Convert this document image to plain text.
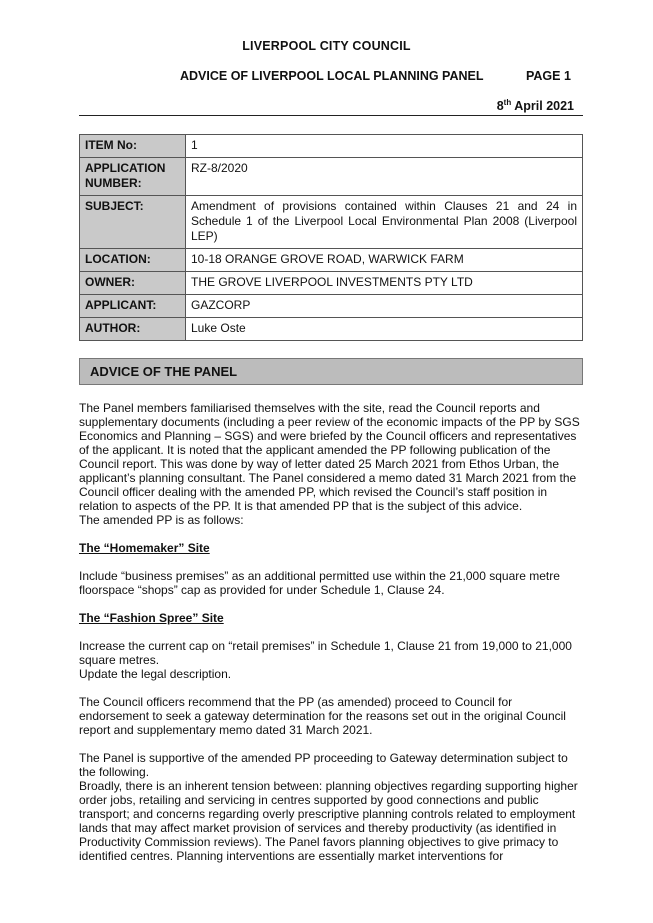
LIVERPOOL CITY COUNCIL
ADVICE OF LIVERPOOL LOCAL PLANNING PANEL	PAGE 1
8th April 2021
ITEM No:	1
APPLICATION NUMBER:	RZ-8/2020
SUBJECT:	Amendment of provisions contained within Clauses 21 and 24 in Schedule 1 of the Liverpool Local Environmental Plan 2008 (Liverpool LEP)
LOCATION:	10-18 ORANGE GROVE ROAD, WARWICK FARM
OWNER:	THE GROVE LIVERPOOL INVESTMENTS PTY LTD
APPLICANT:	GAZCORP
AUTHOR:	Luke Oste
ADVICE OF THE PANEL

The Panel members familiarised themselves with the site, read the Council reports and supplementary documents (including a peer review of the economic impacts of the PP by SGS Economics and Planning – SGS) and were briefed by the Council officers and representatives of the applicant. It is noted that the applicant amended the PP following publication of the Council report. This was done by way of letter dated 25 March 2021 from Ethos Urban, the applicant’s planning consultant. The Panel considered a memo dated 31 March 2021 from the Council officer dealing with the amended PP, which revised the Council’s staff position in relation to aspects of the PP. It is that amended PP that is the subject of this advice.

The amended PP is as follows:

The “Homemaker” Site

Include “business premises” as an additional permitted use within the 21,000 square metre floorspace “shops” cap as provided for under Schedule 1, Clause 24.

The “Fashion Spree” Site

Increase the current cap on “retail premises” in Schedule 1, Clause 21 from 19,000 to 21,000 square metres.

Update the legal description.

The Council officers recommend that the PP (as amended) proceed to Council for endorsement to seek a gateway determination for the reasons set out in the original Council report and supplementary memo dated 31 March 2021.

The Panel is supportive of the amended PP proceeding to Gateway determination subject to the following.

Broadly, there is an inherent tension between: planning objectives regarding supporting higher order jobs, retailing and servicing in centres supported by good connections and public transport; and concerns regarding overly prescriptive planning controls related to employment lands that may affect market provision of services and thereby productivity (as identified in Productivity Commission reviews). The Panel favors planning objectives to give primacy to identified centres. Planning interventions are essentially market interventions for
